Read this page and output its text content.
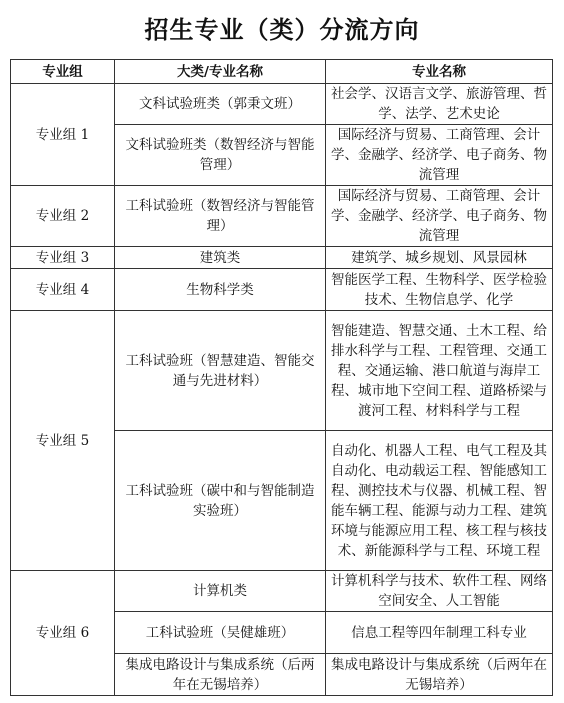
招生专业（类）分流方向
专业组	大类/专业名称	专业名称
专业组 1	文科试验班类（郭秉文班）	社会学、汉语言文学、旅游管理、哲学、法学、艺术史论
	文科试验班类（数智经济与智能管理）	国际经济与贸易、工商管理、会计学、金融学、经济学、电子商务、物流管理
专业组 2	工科试验班（数智经济与智能管理）	国际经济与贸易、工商管理、会计学、金融学、经济学、电子商务、物流管理
专业组 3	建筑类	建筑学、城乡规划、风景园林
专业组 4	生物科学类	智能医学工程、生物科学、医学检验技术、生物信息学、化学
专业组 5	工科试验班（智慧建造、智能交通与先进材料）	智能建造、智慧交通、土木工程、给排水科学与工程、工程管理、交通工程、交通运输、港口航道与海岸工程、城市地下空间工程、道路桥梁与渡河工程、材料科学与工程
	工科试验班（碳中和与智能制造实验班）	自动化、机器人工程、电气工程及其自动化、电动载运工程、智能感知工程、测控技术与仪器、机械工程、智能车辆工程、能源与动力工程、建筑环境与能源应用工程、核工程与核技术、新能源科学与工程、环境工程
专业组 6	计算机类	计算机科学与技术、软件工程、网络空间安全、人工智能
	工科试验班（吴健雄班）	信息工程等四年制理工科专业
	集成电路设计与集成系统（后两年在无锡培养）	集成电路设计与集成系统（后两年在无锡培养）
